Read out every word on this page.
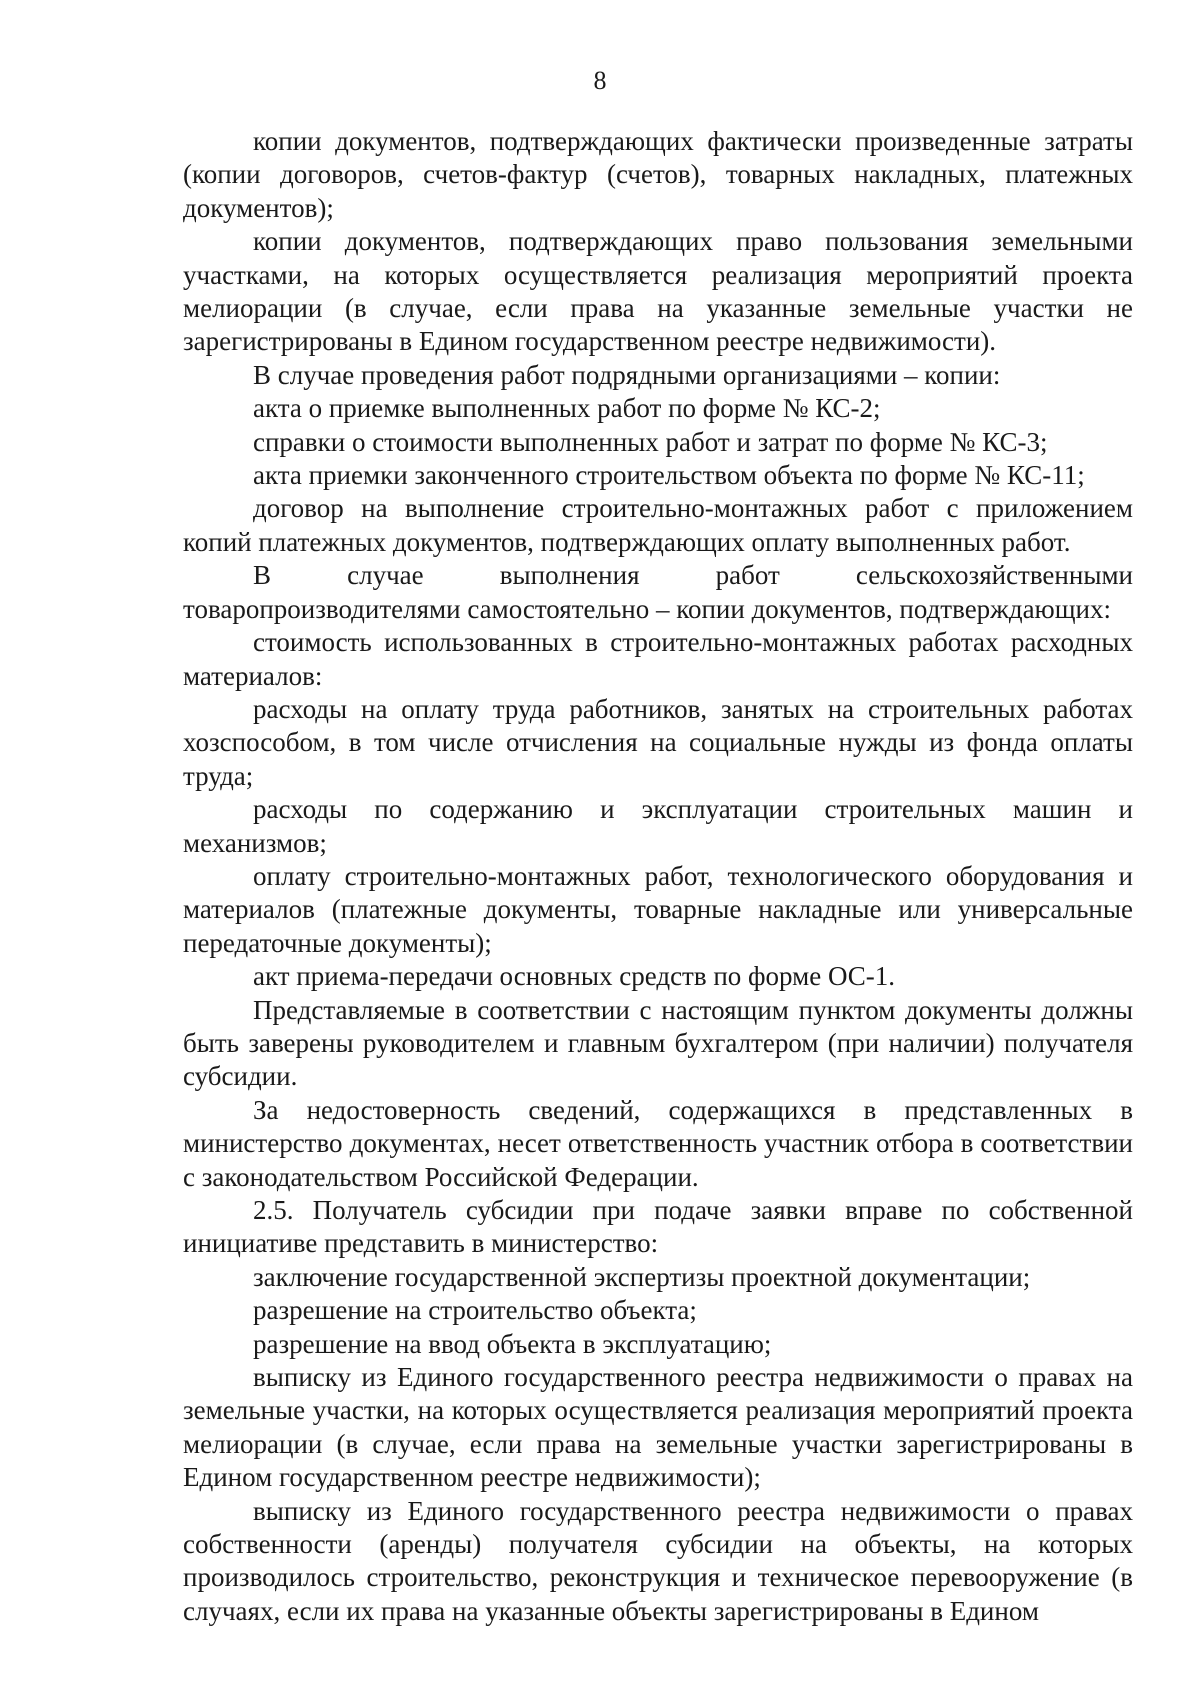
8

копии документов, подтверждающих фактически произведенные затраты (копии договоров, счетов-фактур (счетов), товарных накладных, платежных документов);

копии документов, подтверждающих право пользования земельными участками, на которых осуществляется реализация мероприятий проекта мелиорации (в случае, если права на указанные земельные участки не зарегистрированы в Едином государственном реестре недвижимости).

В случае проведения работ подрядными организациями – копии:

акта о приемке выполненных работ по форме № КС-2;

справки о стоимости выполненных работ и затрат по форме № КС-3;

акта приемки законченного строительством объекта по форме № КС-11;

договор на выполнение строительно-монтажных работ с приложением копий платежных документов, подтверждающих оплату выполненных работ.

В случае выполнения работ сельскохозяйственными товаропроизводителями самостоятельно – копии документов, подтверждающих:

стоимость использованных в строительно-монтажных работах расходных материалов:

расходы на оплату труда работников, занятых на строительных работах хозспособом, в том числе отчисления на социальные нужды из фонда оплаты труда;

расходы по содержанию и эксплуатации строительных машин и механизмов;

оплату строительно-монтажных работ, технологического оборудования и материалов (платежные документы, товарные накладные или универсальные передаточные документы);

акт приема-передачи основных средств по форме ОС-1.

Представляемые в соответствии с настоящим пунктом документы должны быть заверены руководителем и главным бухгалтером (при наличии) получателя субсидии.

За недостоверность сведений, содержащихся в представленных в министерство документах, несет ответственность участник отбора в соответствии с законодательством Российской Федерации.

2.5. Получатель субсидии при подаче заявки вправе по собственной инициативе представить в министерство:

заключение государственной экспертизы проектной документации;

разрешение на строительство объекта;

разрешение на ввод объекта в эксплуатацию;

выписку из Единого государственного реестра недвижимости о правах на земельные участки, на которых осуществляется реализация мероприятий проекта мелиорации (в случае, если права на земельные участки зарегистрированы в Едином государственном реестре недвижимости);

выписку из Единого государственного реестра недвижимости о правах собственности (аренды) получателя субсидии на объекты, на которых производилось строительство, реконструкция и техническое перевооружение (в случаях, если их права на указанные объекты зарегистрированы в Едином
